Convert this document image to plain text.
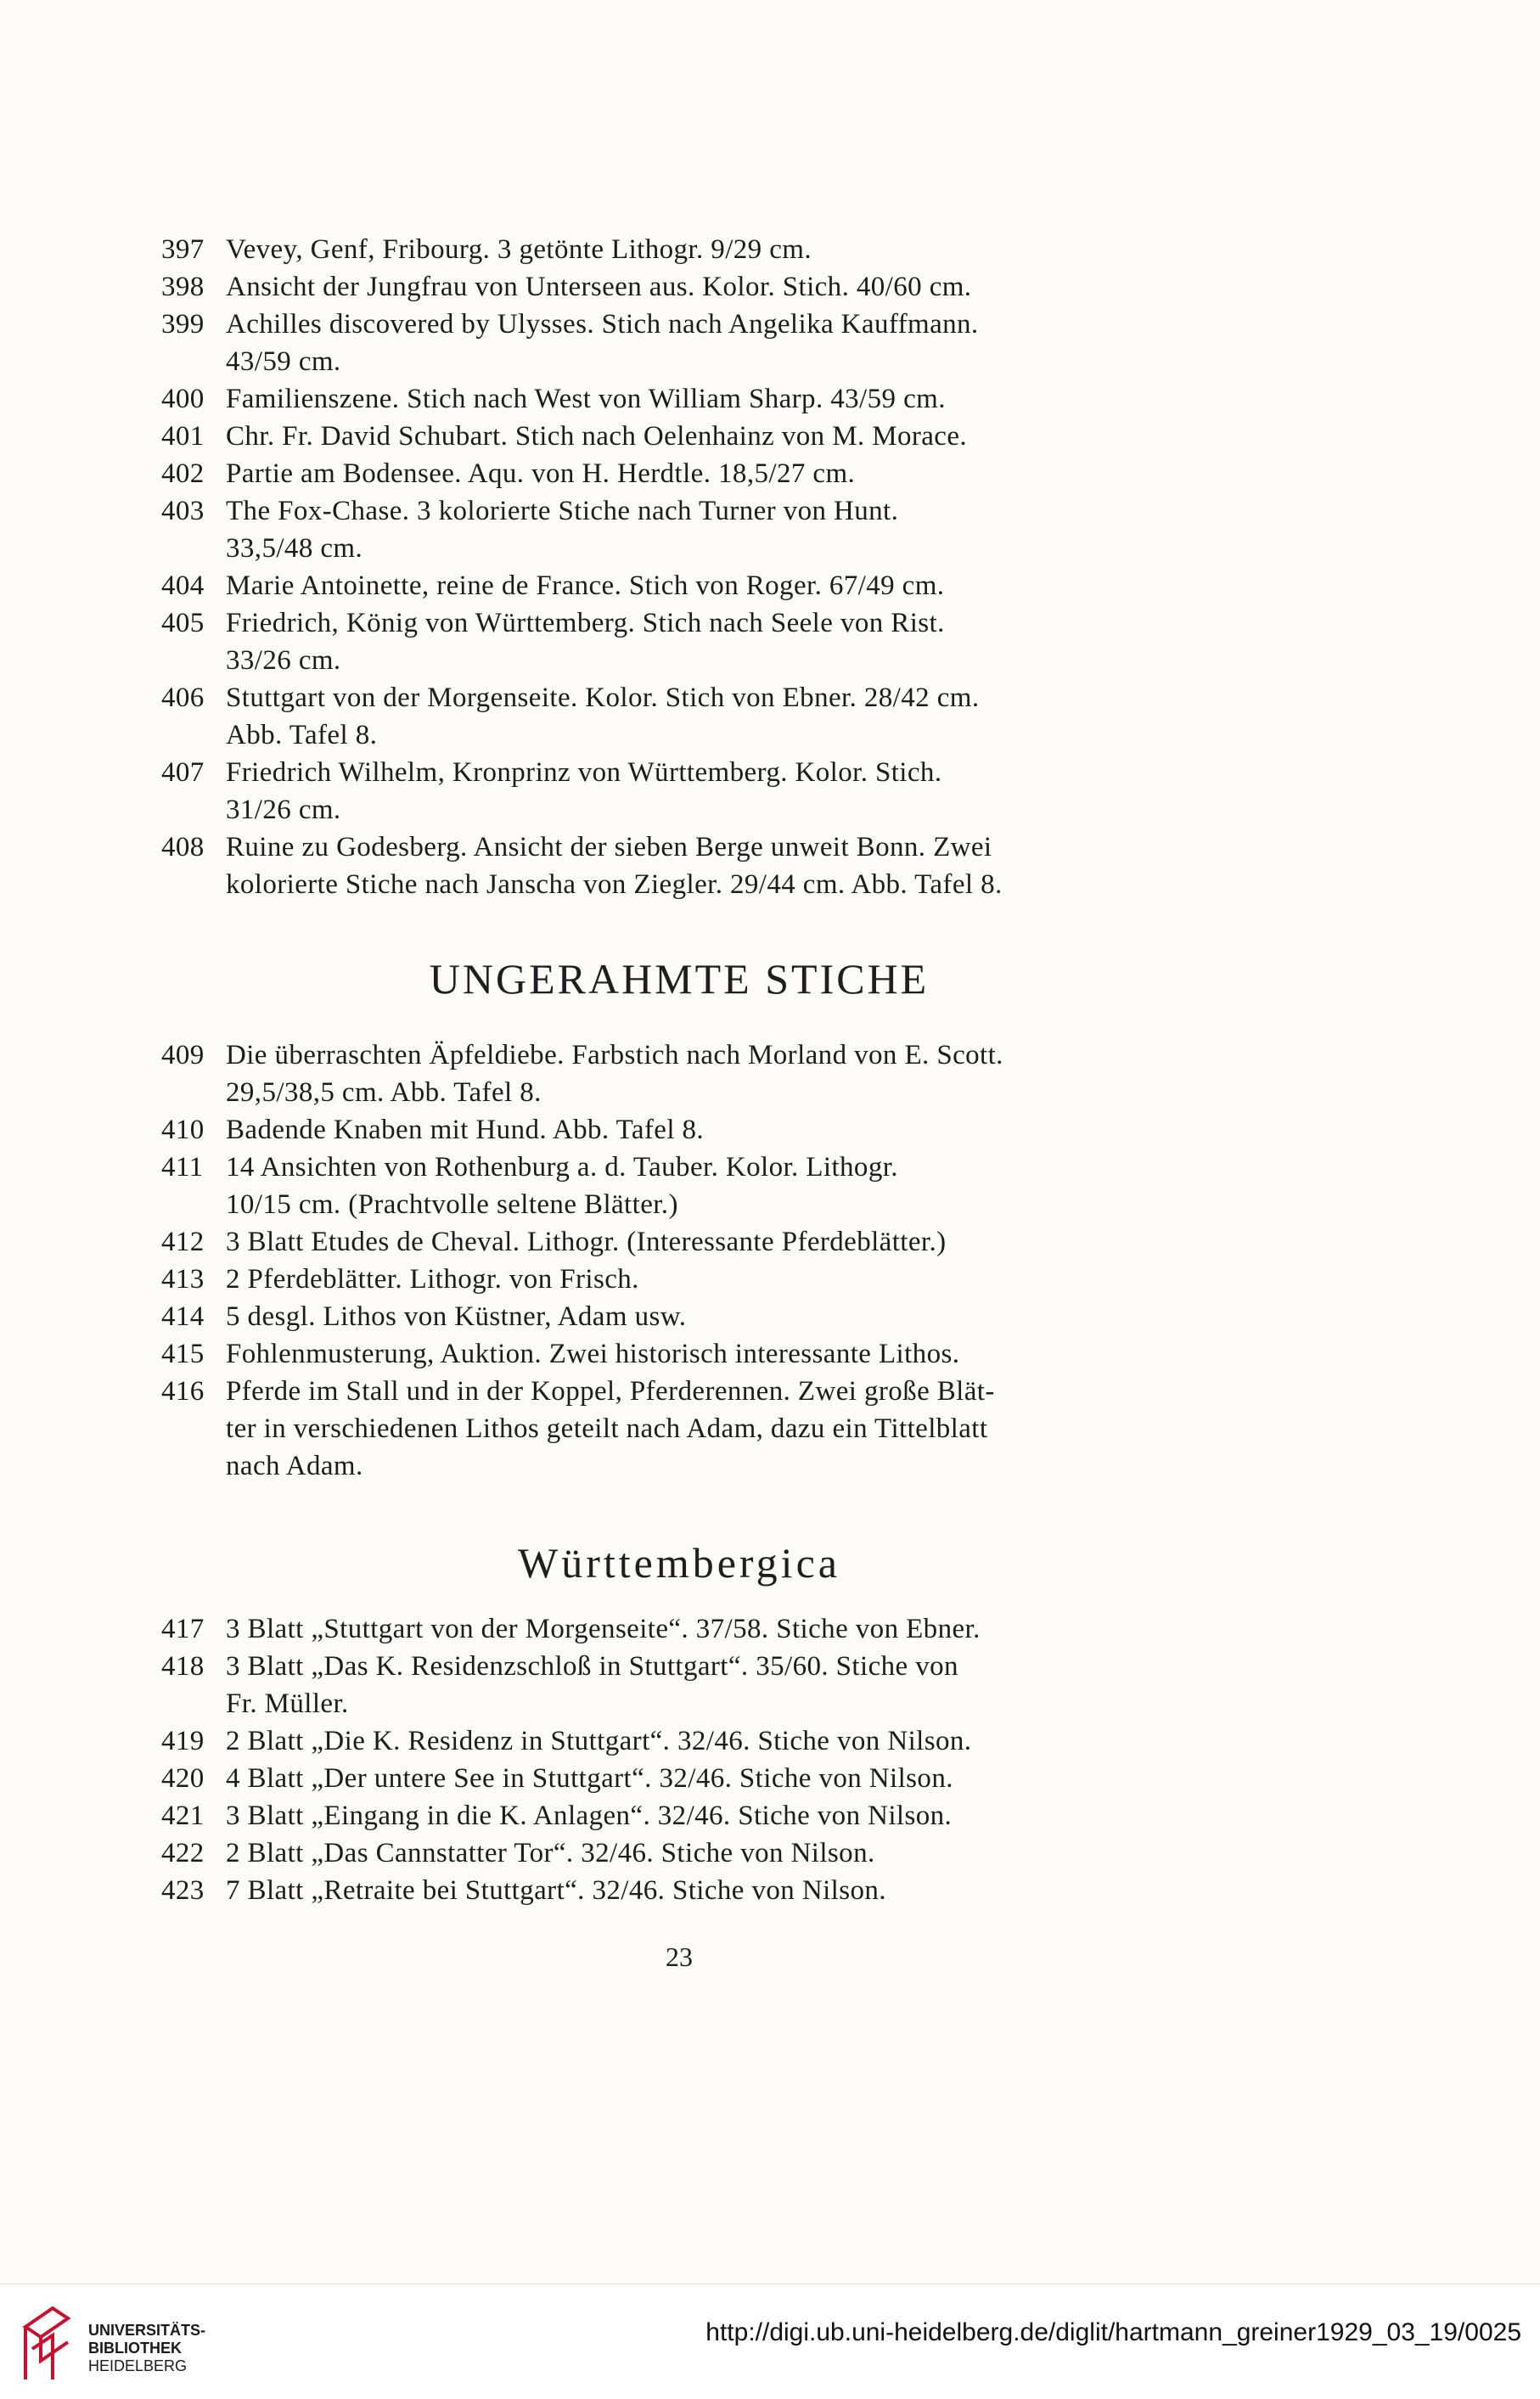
397 Vevey, Genf, Fribourg. 3 getönte Lithogr. 9/29 cm.
398 Ansicht der Jungfrau von Unterseen aus. Kolor. Stich. 40/60 cm.
399 Achilles discovered by Ulysses. Stich nach Angelika Kauffmann.
43/59 cm.
400 Familienszene. Stich nach West von William Sharp. 43/59 cm.
401 Chr. Fr. David Schubart. Stich nach Oelenhainz von M. Morace.
402 Partie am Bodensee. Aqu. von H. Herdtle. 18,5/27 cm.
403 The Fox-Chase. 3 kolorierte Stiche nach Turner von Hunt.
33,5/48 cm.
404 Marie Antoinette, reine de France. Stich von Roger. 67/49 cm.
405 Friedrich, König von Württemberg. Stich nach Seele von Rist.
33/26 cm.
406 Stuttgart von der Morgenseite. Kolor. Stich von Ebner. 28/42 cm.
Abb. Tafel 8.
407 Friedrich Wilhelm, Kronprinz von Württemberg. Kolor. Stich.
31/26 cm.
408 Ruine zu Godesberg. Ansicht der sieben Berge unweit Bonn. Zwei
kolorierte Stiche nach Janscha von Ziegler. 29/44 cm. Abb. Tafel 8.
UNGERAHMTE STICHE
409 Die überraschten Äpfeldiebe. Farbstich nach Morland von E. Scott.
29,5/38,5 cm. Abb. Tafel 8.
410 Badende Knaben mit Hund. Abb. Tafel 8.
411 14 Ansichten von Rothenburg a. d. Tauber. Kolor. Lithogr.
10/15 cm. (Prachtvolle seltene Blätter.)
412 3 Blatt Etudes de Cheval. Lithogr. (Interessante Pferdeblätter.)
413 2 Pferdeblätter. Lithogr. von Frisch.
414 5 desgl. Lithos von Küstner, Adam usw.
415 Fohlenmusterung, Auktion. Zwei historisch interessante Lithos.
416 Pferde im Stall und in der Koppel, Pferderennen. Zwei große Blät-
ter in verschiedenen Lithos geteilt nach Adam, dazu ein Tittelblatt
nach Adam.
Württembergica
417 3 Blatt „Stuttgart von der Morgenseite“. 37/58. Stiche von Ebner.
418 3 Blatt „Das K. Residenzschloß in Stuttgart“. 35/60. Stiche von
Fr. Müller.
419 2 Blatt „Die K. Residenz in Stuttgart“. 32/46. Stiche von Nilson.
420 4 Blatt „Der untere See in Stuttgart“. 32/46. Stiche von Nilson.
421 3 Blatt „Eingang in die K. Anlagen“. 32/46. Stiche von Nilson.
422 2 Blatt „Das Cannstatter Tor“. 32/46. Stiche von Nilson.
423 7 Blatt „Retraite bei Stuttgart“. 32/46. Stiche von Nilson.
23
UNIVERSITÄTS-
BIBLIOTHEK
HEIDELBERG
http://digi.ub.uni-heidelberg.de/diglit/hartmann_greiner1929_03_19/0025
